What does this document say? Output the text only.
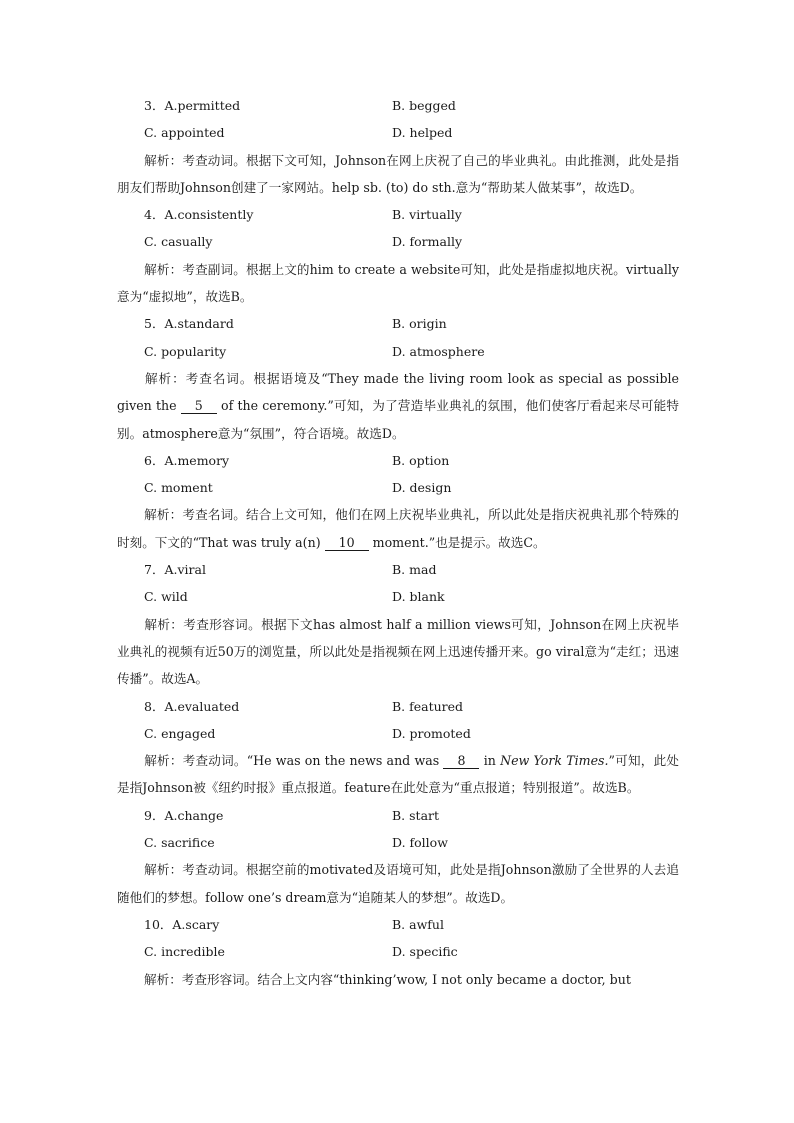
3．A.permitted	B. begged
C. appointed	D. helped

解析：考查动词。根据下文可知，Johnson在网上庆祝了自己的毕业典礼。由此推测，此处是指朋友们帮助Johnson创建了一家网站。help sb. (to) do sth.意为“帮助某人做某事”，故选D。

4．A.consistently	B. virtually
C. casually	D. formally

解析：考查副词。根据上文的him to create a website可知，此处是指虚拟地庆祝。virtually意为“虚拟地”，故选B。

5．A.standard	B. origin
C. popularity	D. atmosphere

解析：考查名词。根据语境及“They made the living room look as special as possible given the 5 of the ceremony.”可知，为了营造毕业典礼的氛围，他们使客厅看起来尽可能特别。atmosphere意为“氛围”，符合语境。故选D。

6．A.memory	B. option
C. moment	D. design

解析：考查名词。结合上文可知，他们在网上庆祝毕业典礼，所以此处是指庆祝典礼那个特殊的时刻。下文的“That was truly a(n) 10 moment.”也是提示。故选C。

7．A.viral	B. mad
C. wild	D. blank

解析：考查形容词。根据下文has almost half a million views可知，Johnson在网上庆祝毕业典礼的视频有近50万的浏览量，所以此处是指视频在网上迅速传播开来。go viral意为“走红；迅速传播”。故选A。

8．A.evaluated	B. featured
C. engaged	D. promoted

解析：考查动词。“He was on the news and was 8 in New York Times.”可知，此处是指Johnson被《纽约时报》重点报道。feature在此处意为“重点报道；特别报道”。故选B。

9．A.change	B. start
C. sacrifice	D. follow

解析：考查动词。根据空前的motivated及语境可知，此处是指Johnson激励了全世界的人去追随他们的梦想。follow one’s dream意为“追随某人的梦想”。故选D。

10．A.scary	B. awful
C. incredible	D. specific

解析：考查形容词。结合上文内容“thinking’wow, I not only became a doctor, but
